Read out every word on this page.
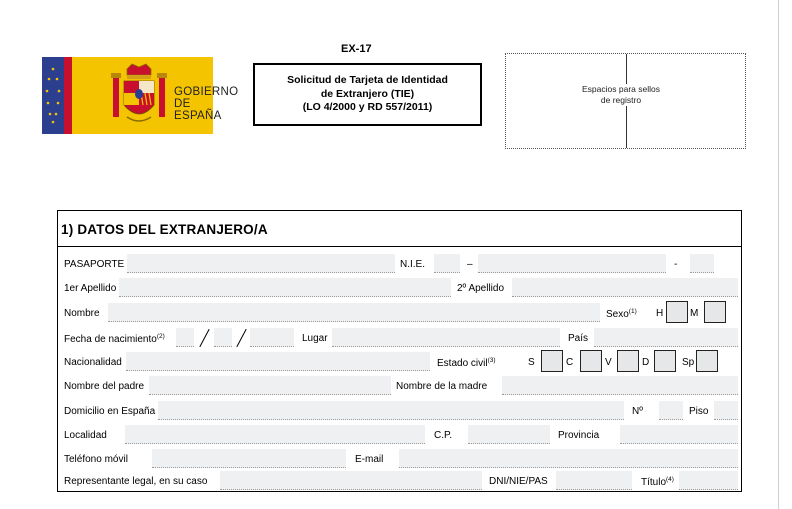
GOBIERNO
DE ESPAÑA
EX-17
Solicitud de Tarjeta de Identidad
de Extranjero (TIE)
(LO 4/2000 y RD 557/2011)
Espacios para sellos
de registro
1) DATOS DEL EXTRANJERO/A
PASAPORTE	N.I.E.	–	-
1er Apellido	2º Apellido
Nombre	Sexo$^{(1)}$ H	M
Fecha de nacimiento$^{(2)}$	Lugar	País
Nacionalidad	Estado civil$^{(3)}$	S	C	V	D	Sp
Nombre del padre	Nombre de la madre
Domicilio en España	Nº	Piso
Localidad	C.P.	Provincia
Teléfono móvil	E-mail
Representante legal, en su caso	DNI/NIE/PAS	Título$^{(4)}$
